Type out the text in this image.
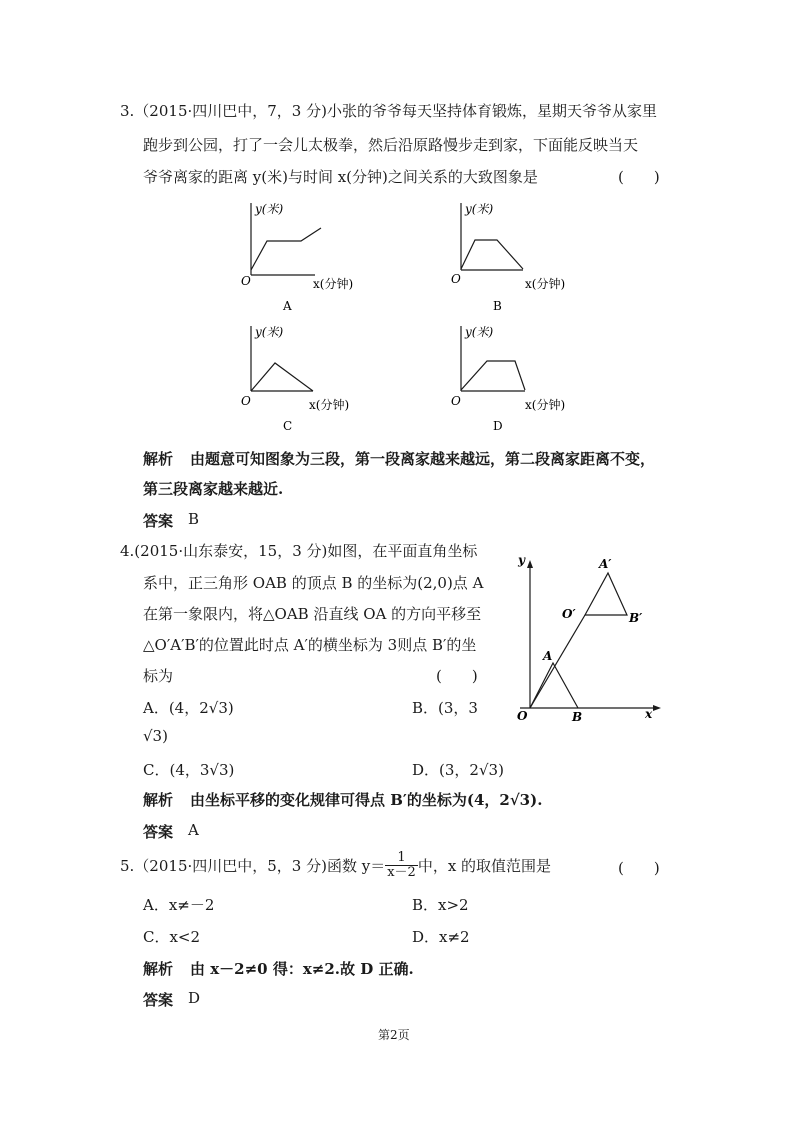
3.（2015·四川巴中，7，3 分)小张的爷爷每天坚持体育锻炼，星期天爷爷从家里
跑步到公园，打了一会儿太极拳，然后沿原路慢步走到家，下面能反映当天
爷爷离家的距离 y(米)与时间 x(分钟)之间关系的大致图象是	(　　)
y(米)
O	x(分钟)
A
y(米)
O	x(分钟)
B
y(米)
O	x(分钟)
C
y(米)
O	x(分钟)
D
解析 由题意可知图象为三段，第一段离家越来越远，第二段离家距离不变，
第三段离家越来越近.
答案 B
4.(2015·山东泰安，15，3 分)如图，在平面直角坐标
系中，正三角形 OAB 的顶点 B 的坐标为(2,0)点 A
在第一象限内，将△OAB 沿直线 OA 的方向平移至
△O′A′B′的位置此时点 A′的横坐标为 3则点 B′的坐
标为	(　　)
A．(4，2√3)	B．(3，3
√3)
C．(4，3√3)	D．(3，2√3)
y
x
O	B
A
A′
O′	B′
解析 由坐标平移的变化规律可得点 B′的坐标为(4，2√3).
答案 A
5.（2015·四川巴中，5，3 分)函数 $y= \frac{1}{x-2}$ 中，x 的取值范围是	(　　)
A．x≠－2	B．x>2
C．x<2	D．x≠2
解析 由 x－2≠0 得：x≠2.故 D 正确.
答案 D
第2页
